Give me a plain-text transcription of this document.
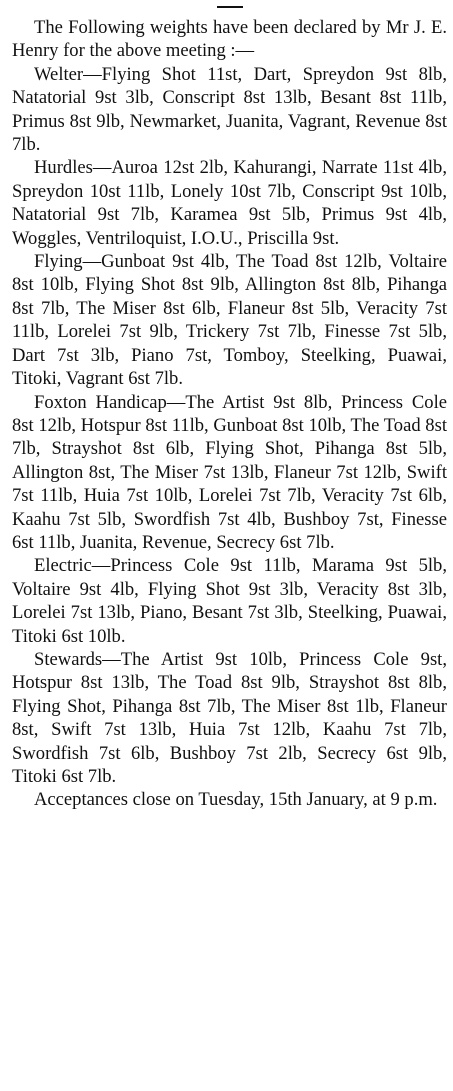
The Following weights have been declared by Mr J. E. Henry for the above meeting :—

Welter—Flying Shot 11st, Dart, Spreydon 9st 8lb, Natatorial 9st 3lb, Conscript 8st 13lb, Besant 8st 11lb, Primus 8st 9lb, Newmarket, Juanita, Vagrant, Revenue 8st 7lb.

Hurdles—Auroa 12st 2lb, Kahurangi, Narrate 11st 4lb, Spreydon 10st 11lb, Lonely 10st 7lb, Conscript 9st 10lb, Natatorial 9st 7lb, Karamea 9st 5lb, Primus 9st 4lb, Woggles, Ventriloquist, I.O.U., Priscilla 9st.

Flying—Gunboat 9st 4lb, The Toad 8st 12lb, Voltaire 8st 10lb, Flying Shot 8st 9lb, Allington 8st 8lb, Pihanga 8st 7lb, The Miser 8st 6lb, Flaneur 8st 5lb, Veracity 7st 11lb, Lorelei 7st 9lb, Trickery 7st 7lb, Finesse 7st 5lb, Dart 7st 3lb, Piano 7st, Tomboy, Steelking, Puawai, Titoki, Vagrant 6st 7lb.

Foxton Handicap—The Artist 9st 8lb, Princess Cole 8st 12lb, Hotspur 8st 11lb, Gunboat 8st 10lb, The Toad 8st 7lb, Strayshot 8st 6lb, Flying Shot, Pihanga 8st 5lb, Allington 8st, The Miser 7st 13lb, Flaneur 7st 12lb, Swift 7st 11lb, Huia 7st 10lb, Lorelei 7st 7lb, Veracity 7st 6lb, Kaahu 7st 5lb, Swordfish 7st 4lb, Bushboy 7st, Finesse 6st 11lb, Juanita, Revenue, Secrecy 6st 7lb.

Electric—Princess Cole 9st 11lb, Marama 9st 5lb, Voltaire 9st 4lb, Flying Shot 9st 3lb, Veracity 8st 3lb, Lorelei 7st 13lb, Piano, Besant 7st 3lb, Steelking, Puawai, Titoki 6st 10lb.

Stewards—The Artist 9st 10lb, Princess Cole 9st, Hotspur 8st 13lb, The Toad 8st 9lb, Strayshot 8st 8lb, Flying Shot, Pihanga 8st 7lb, The Miser 8st 1lb, Flaneur 8st, Swift 7st 13lb, Huia 7st 12lb, Kaahu 7st 7lb, Swordfish 7st 6lb, Bushboy 7st 2lb, Secrecy 6st 9lb, Titoki 6st 7lb.

Acceptances close on Tuesday, 15th January, at 9 p.m.
